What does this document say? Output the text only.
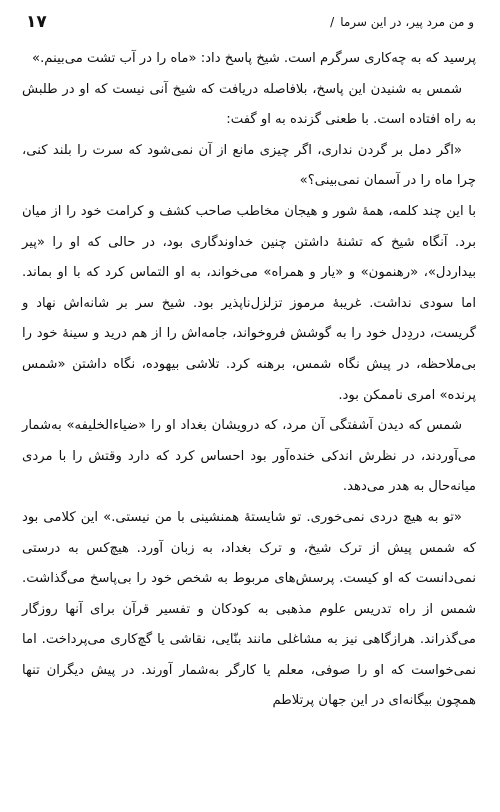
و من مرد پیر، در این سرما/
۱۷

پرسید که به چه‌کاری سرگرم است. شیخ پاسخ داد: «ماه را در آب تشت می‌بینم.»

شمس به شنیدن این پاسخ، بلافاصله دریافت که شیخ آنی نیست که او در طلبش به راه افتاده است. با طعنی گزنده به او گفت:

«اگر دمل بر گردن نداری، اگر چیزی مانع از آن نمی‌شود که سرت را بلند کنی، چرا ماه را در آسمان نمی‌بینی؟»

با این چند کلمه، همهٔ شور و هیجان مخاطب صاحب کشف و کرامت خود را از میان برد. آنگاه شیخ که تشنهٔ داشتن چنین خداوندگاری بود، در حالی که او را «پیر بیداردل»، «رهنمون» و «یار و همراه» می‌خواند، به او التماس کرد که با او بماند. اما سودی نداشت. غریبهٔ مرموز تزلزل‌ناپذیر بود. شیخ سر بر شانه‌اش نهاد و گریست، دردِدل خود را به گوشش فروخواند، جامه‌اش را از هم درید و سینهٔ خود را بی‌ملاحظه، در پیش نگاه شمس، برهنه کرد. تلاشی بیهوده، نگاه داشتن «شمس پرنده» امری ناممکن بود.

شمس که دیدن آشفتگی آن مرد، که درویشان بغداد او را «ضیاءالخلیفه» به‌شمار می‌آوردند، در نظرش اندکی خنده‌آور بود احساس کرد که دارد وقتش را با مردی میانه‌حال به هدر می‌دهد.

«تو به هیچ دردی نمی‌خوری. تو شایستهٔ همنشینی با من نیستی.» این کلامی بود که شمس پیش از ترک شیخ، و ترک بغداد، به زبان آورد. هیچ‌کس به درستی نمی‌دانست که او کیست. پرسش‌های مربوط به شخص خود را بی‌پاسخ می‌گذاشت. شمس از راه تدریس علوم مذهبی به کودکان و تفسیر قرآن برای آنها روزگار می‌گذراند. هرازگاهی نیز به مشاغلی مانند بنّایی، نقاشی یا گچ‌کاری می‌پرداخت. اما نمی‌خواست که او را صوفی، معلم یا کارگر به‌شمار آورند. در پیش دیگران تنها همچون بیگانه‌ای در این جهان پرتلاطم
